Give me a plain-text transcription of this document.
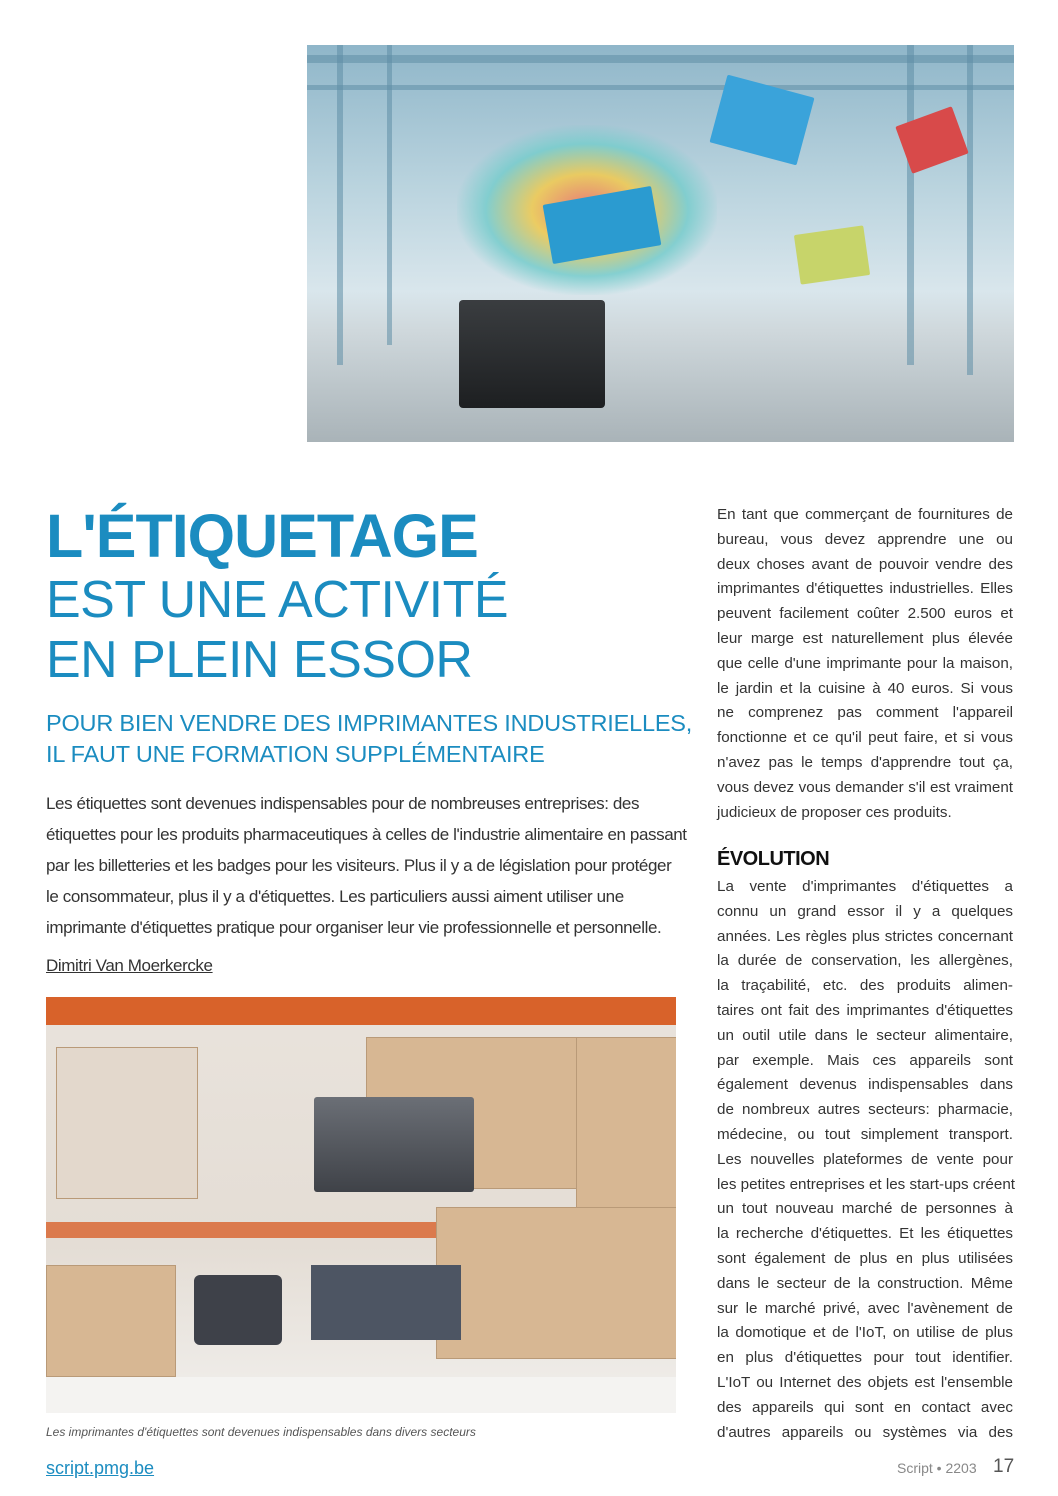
L'ÉTIQUETAGE
EST UNE ACTIVITÉ
EN PLEIN ESSOR
POUR BIEN VENDRE DES IMPRIMANTES INDUSTRIELLES,
IL FAUT UNE FORMATION SUPPLÉMENTAIRE
Les étiquettes sont devenues indispensables pour de nombreuses entreprises: des
étiquettes pour les produits pharmaceutiques à celles de l'industrie alimentaire en passant
par les billetteries et les badges pour les visiteurs. Plus il y a de législation pour protéger
le consommateur, plus il y a d'étiquettes. Les particuliers aussi aiment utiliser une
imprimante d'étiquettes pratique pour organiser leur vie professionnelle et personnelle.
Dimitri Van Moerkercke
Les imprimantes d'étiquettes sont devenues indispensables dans divers secteurs
En tant que commerçant de fournitures de
bureau, vous devez apprendre une ou
deux choses avant de pouvoir vendre des
imprimantes d'étiquettes industrielles. Elles
peuvent facilement coûter 2.500 euros et
leur marge est naturellement plus élevée
que celle d'une imprimante pour la maison,
le jardin et la cuisine à 40 euros. Si vous
ne comprenez pas comment l'appareil
fonctionne et ce qu'il peut faire, et si vous
n'avez pas le temps d'apprendre tout ça,
vous devez vous demander s'il est vraiment
judicieux de proposer ces produits.
ÉVOLUTION
La vente d'imprimantes d'étiquettes a
connu un grand essor il y a quelques
années. Les règles plus strictes concernant
la durée de conservation, les allergènes,
la traçabilité, etc. des produits alimen-
taires ont fait des imprimantes d'étiquettes
un outil utile dans le secteur alimentaire,
par exemple. Mais ces appareils sont
également devenus indispensables dans
de nombreux autres secteurs: pharmacie,
médecine, ou tout simplement transport.
Les nouvelles plateformes de vente pour
les petites entreprises et les start-ups créent
un tout nouveau marché de personnes à
la recherche d'étiquettes. Et les étiquettes
sont également de plus en plus utilisées
dans le secteur de la construction. Même
sur le marché privé, avec l'avènement de
la domotique et de l'IoT, on utilise de plus
en plus d'étiquettes pour tout identifier.
L'IoT ou Internet des objets est l'ensemble
des appareils qui sont en contact avec
d'autres appareils ou systèmes via des
script.pmg.be	Script • 2203 17
